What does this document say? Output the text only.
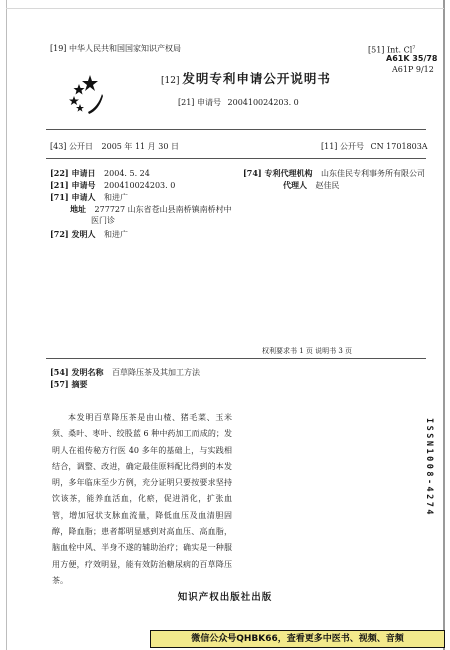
[19] 中华人民共和国国家知识产权局
[12] 发明专利申请公开说明书
[21] 申请号 200410024203. 0
[51] Int. Cl$^7$
A61K 35/78
A61P 9/12
[43] 公开日 2005 年 11 月 30 日	[11] 公开号 CN 1701803A
[22] 申请日 2004. 5. 24
[21] 申请号 200410024203. 0
[71] 申请人 和进广
地址 277727 山东省苍山县南桥镇南桥村中
医门诊
[72] 发明人 和进广
[74] 专利代理机构 山东佳民专利事务所有限公司
代理人 赵佳民
权利要求书 1 页 说明书 3 页
[54] 发明名称 百草降压茶及其加工方法
[57] 摘要
本发明百草降压茶是由山楂、猪毛菜、玉米须、桑叶、枣叶、绞股蓝 6 种中药加工而成的；发明人在祖传秘方行医 40 多年的基础上，与实践相结合，调整、改进，确定最佳原料配比得到的本发明，多年临床至少方例，充分证明只要按要求坚持饮该茶，能养血活血，化瘀，促进消化，扩张血管，增加冠状支脉血流量，降低血压及血清胆固醇，降血脂；患者都明显感到对高血压、高血脂，脑血栓中风、半身不遂的辅助治疗；确实是一种服用方便，疗效明显，能有效防治糖尿病的百草降压茶。
ISSN1008-4274
知识产权出版社出版
微信公众号QHBK66，查看更多中医书、视频、音频
